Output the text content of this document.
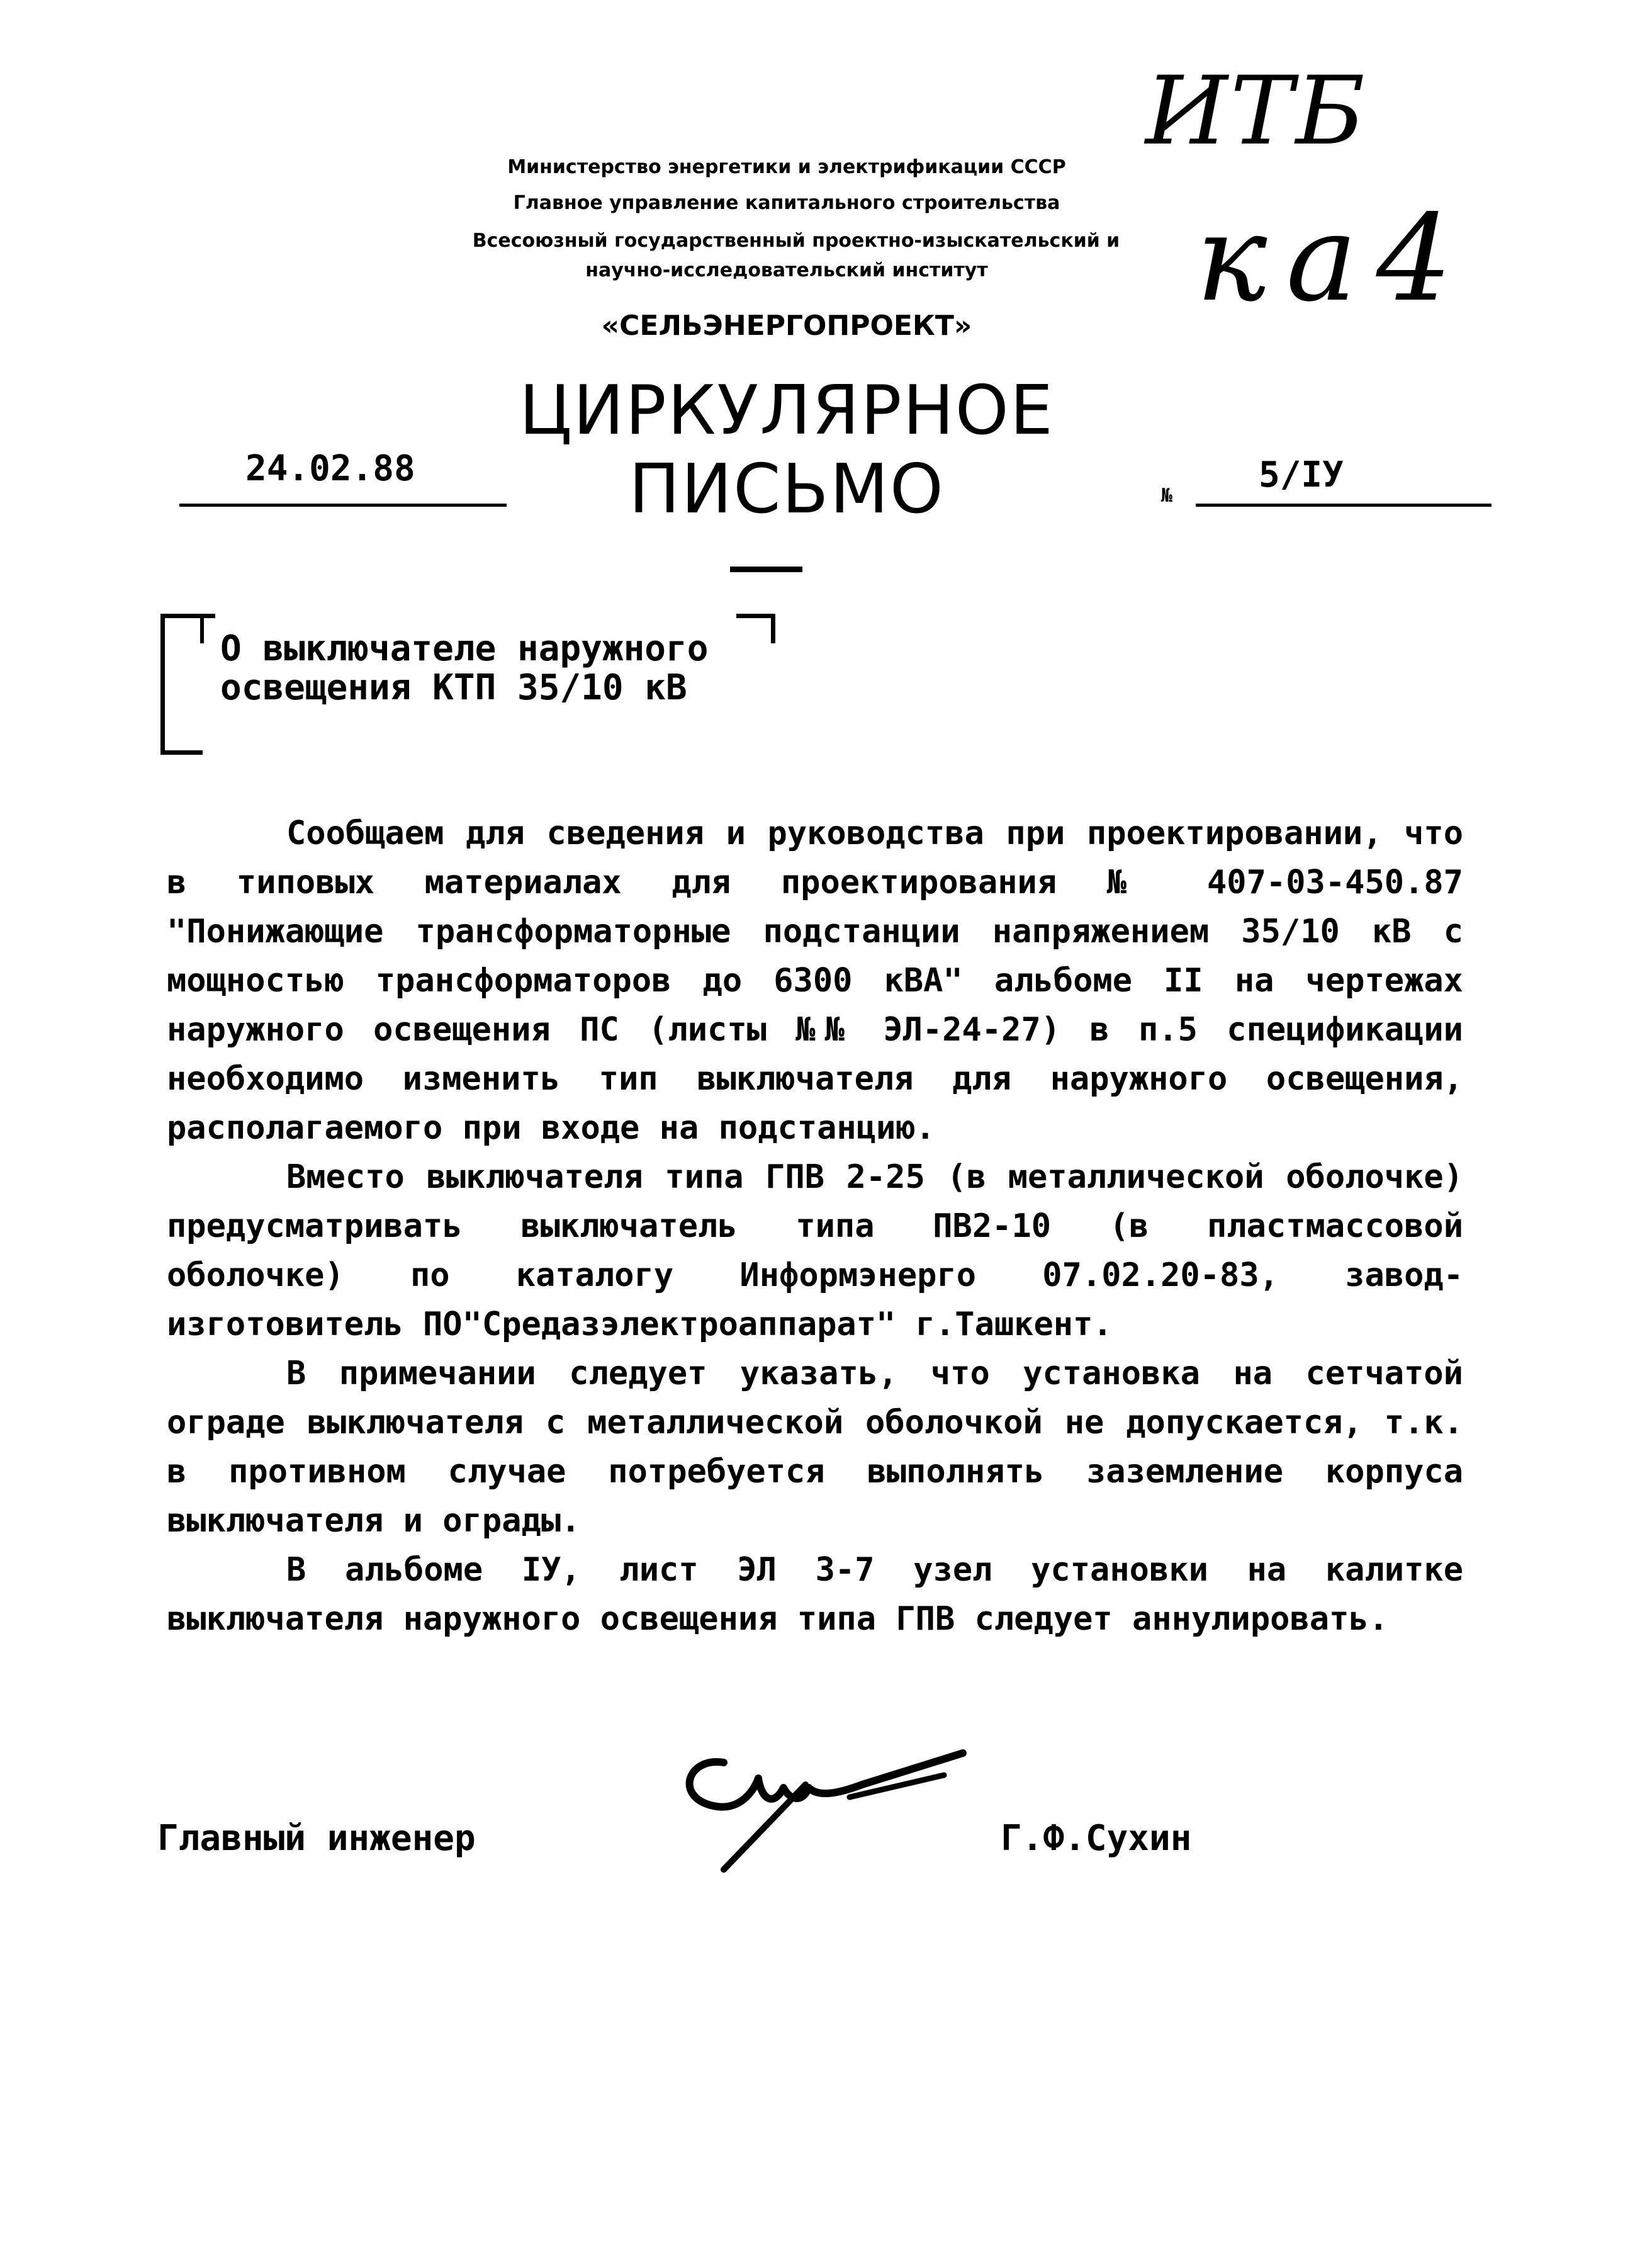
ИТБ
ка4
Министерство энергетики и электрификации СССР
Главное управление капитального строительства
Всесоюзный государственный проектно-изыскательский и
научно-исследовательский институт
«СЕЛЬЭНЕРГОПРОЕКТ»
ЦИРКУЛЯРНОЕ ПИСЬМО
24.02.88
№
5/IУ
О выключателе наружного
освещения КТП 35/10 кВ

Сообщаем для сведения и руководства при проектировании, что в типовых материалах для проектирования № 407-03-450.87 "Понижающие трансформаторные подстанции напряжением 35/10 кВ с мощностью трансформаторов до 6300 кВА" альбоме II на чертежах наружного освещения ПС (листы №№ ЭЛ-24-27) в п.5 спецификации необходимо изменить тип выключателя для наружного освещения, располагаемого при входе на подстанцию.

Вместо выключателя типа ГПВ 2-25 (в металлической оболочке) предусматривать выключатель типа ПВ2-10 (в пластмассовой оболочке) по каталогу Информэнерго 07.02.20-83, завод-изготовитель ПО"Средазэлектроаппарат" г.Ташкент.

В примечании следует указать, что установка на сетчатой ограде выключателя с металлической оболочкой не допускается, т.к. в противном случае потребуется выполнять заземление корпуса выключателя и ограды.

В альбоме IУ, лист ЭЛ 3-7 узел установки на калитке выключателя наружного освещения типа ГПВ следует аннулировать.

Главный инженер	Г.Ф.Сухин
